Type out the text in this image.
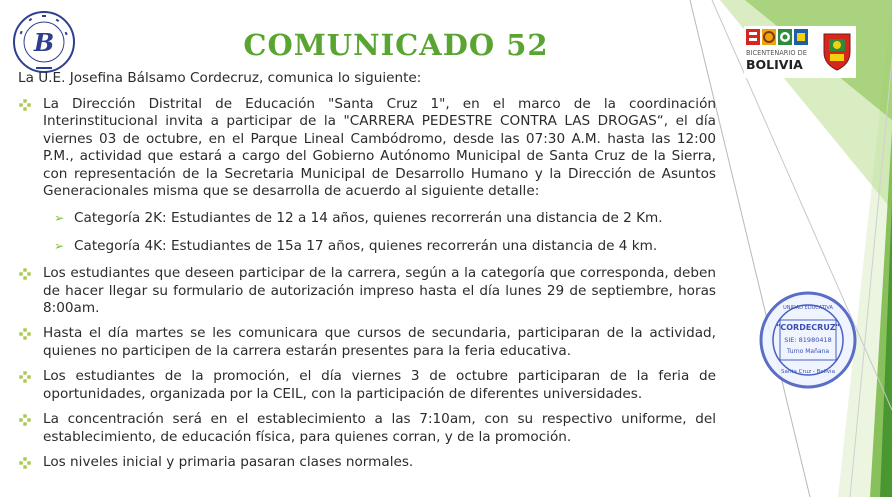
B	BICENTENARIO DE
BOLIVIA
COMUNICADO 52
La U.E. Josefina Bálsamo Cordecruz, comunica lo siguiente:
La Dirección Distrital de Educación "Santa Cruz 1", en el marco de la coordinación Interinstitucional invita a participar de la "CARRERA PEDESTRE CONTRA LAS DROGAS“, el día viernes 03 de octubre, en el Parque Lineal Cambódromo, desde las 07:30 A.M. hasta las 12:00 P.M., actividad que estará a cargo del Gobierno Autónomo Municipal de Santa Cruz de la Sierra, con representación de la Secretaria Municipal de Desarrollo Humano y la Dirección de Asuntos Generacionales misma que se desarrolla de acuerdo al siguiente detalle:
➢ Categoría 2K: Estudiantes de 12 a 14 años, quienes recorrerán una distancia de 2 Km.
➢ Categoría 4K: Estudiantes de 15a 17 años, quienes recorrerán una distancia de 4 km.
Los estudiantes que deseen participar de la carrera, según a la categoría que corresponda, deben de hacer llegar su formulario de autorización impreso hasta el día lunes 29 de septiembre, horas 8:00am.
Hasta el día martes se les comunicara que cursos de secundaria, participaran de la actividad, quienes no participen de la carrera estarán presentes para la feria educativa.
Los estudiantes de la promoción, el día viernes 3 de octubre participaran de la feria de oportunidades, organizada por la CEIL, con la participación de diferentes universidades.
La concentración será en el establecimiento a las 7:10am, con su respectivo uniforme, del establecimiento, de educación física, para quienes corran, y de la promoción.
Los niveles inicial y primaria pasaran clases normales.
"CORDECRUZ"
SIE: 81980418
Turno Mañana
Santa Cruz - Bolivia
UNIDAD EDUCATIVA
